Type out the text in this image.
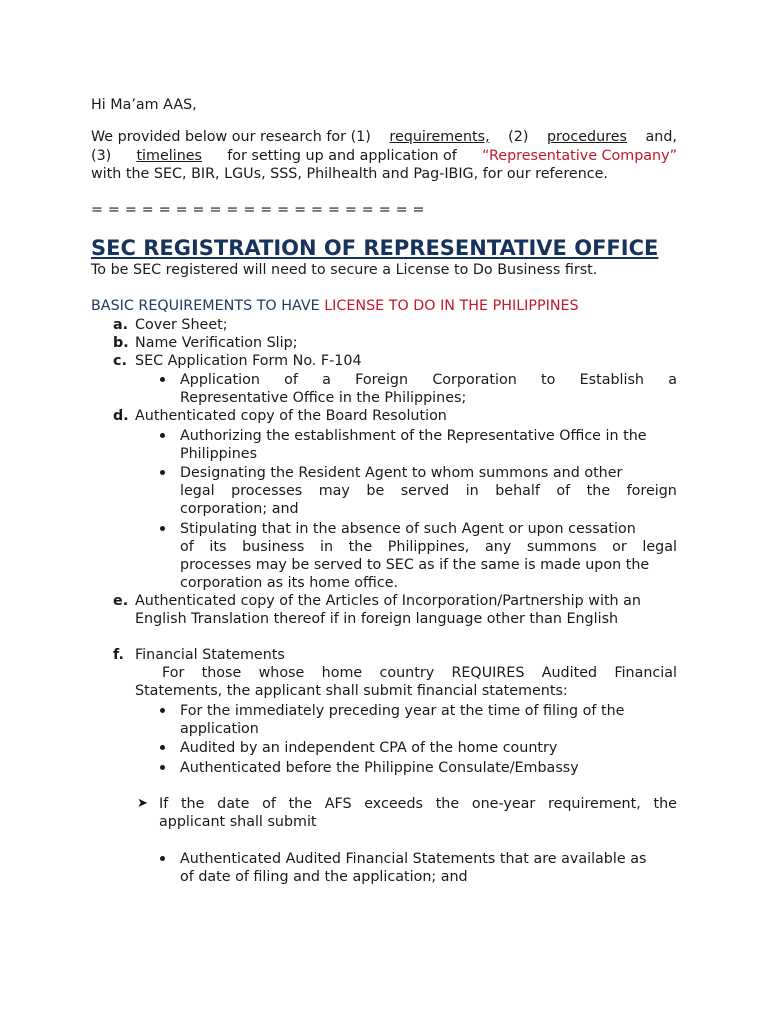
Hi Ma’am AAS,
We provided below our research for (1) requirements, (2) procedures and,
(3) timelines for setting up and application of “Representative Company”
with the SEC, BIR, LGUs, SSS, Philhealth and Pag-IBIG, for our reference.
= = = = = = = = = = = = = = = = = = = =
SEC REGISTRATION OF REPRESENTATIVE OFFICE
To be SEC registered will need to secure a License to Do Business first.
BASIC REQUIREMENTS TO HAVE LICENSE TO DO IN THE PHILIPPINES
a. Cover Sheet;
b. Name Verification Slip;
c. SEC Application Form No. F-104
Application of a Foreign Corporation to Establish a
Representative Office in the Philippines;
d. Authenticated copy of the Board Resolution
Authorizing the establishment of the Representative Office in the
Philippines
Designating the Resident Agent to whom summons and other
legal processes may be served in behalf of the foreign
corporation; and
Stipulating that in the absence of such Agent or upon cessation
of its business in the Philippines, any summons or legal
processes may be served to SEC as if the same is made upon the
corporation as its home office.
e. Authenticated copy of the Articles of Incorporation/Partnership with an
English Translation thereof if in foreign language other than English
f. Financial Statements
For those whose home country REQUIRES Audited Financial
Statements, the applicant shall submit financial statements:
For the immediately preceding year at the time of filing of the
application
Audited by an independent CPA of the home country
Authenticated before the Philippine Consulate/Embassy
➤ If the date of the AFS exceeds the one-year requirement, the
applicant shall submit
Authenticated Audited Financial Statements that are available as
of date of filing and the application; and
